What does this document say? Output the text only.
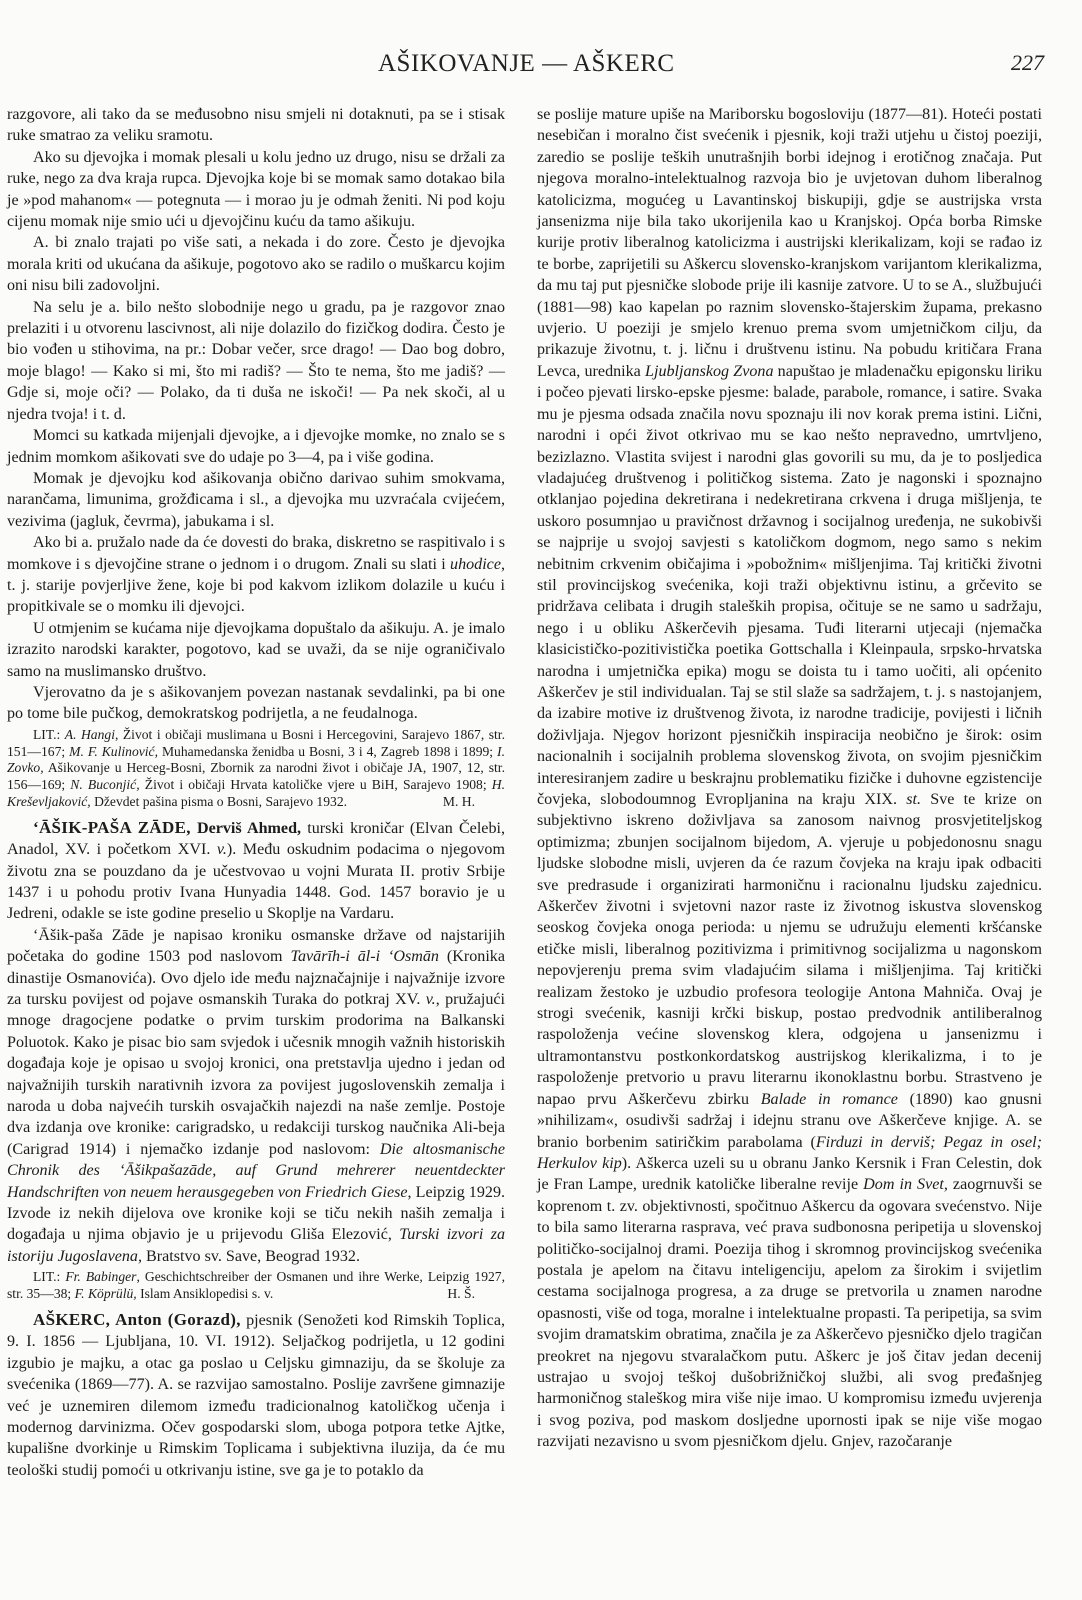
AŠIKOVANJE — AŠKERC	227

razgovore, ali tako da se međusobno nisu smjeli ni dotaknuti, pa se i stisak ruke smatrao za veliku sramotu.

Ako su djevojka i momak plesali u kolu jedno uz drugo, nisu se držali za ruke, nego za dva kraja rupca. Djevojka koje bi se momak samo dotakao bila je »pod mahanom« — potegnuta — i morao ju je odmah ženiti. Ni pod koju cijenu momak nije smio ući u djevojčinu kuću da tamo ašikuju.

A. bi znalo trajati po više sati, a nekada i do zore. Često je djevojka morala kriti od ukućana da ašikuje, pogotovo ako se radilo o muškarcu kojim oni nisu bili zadovoljni.

Na selu je a. bilo nešto slobodnije nego u gradu, pa je razgovor znao prelaziti i u otvorenu lascivnost, ali nije dolazilo do fizičkog dodira. Često je bio vođen u stihovima, na pr.: Dobar večer, srce drago! — Dao bog dobro, moje blago! — Kako si mi, što mi radiš? — Što te nema, što me jadiš? — Gdje si, moje oči? — Polako, da ti duša ne iskoči! — Pa nek skoči, al u njedra tvoja! i t. d.

Momci su katkada mijenjali djevojke, a i djevojke momke, no znalo se s jednim momkom ašikovati sve do udaje po 3—4, pa i više godina.

Momak je djevojku kod ašikovanja obično darivao suhim smokvama, narančama, limunima, grožđicama i sl., a djevojka mu uzvraćala cvijećem, vezivima (jagluk, čevrma), jabukama i sl.

Ako bi a. pružalo nade da će dovesti do braka, diskretno se raspitivalo i s momkove i s djevojčine strane o jednom i o drugom. Znali su slati i uhodice, t. j. starije povjerljive žene, koje bi pod kakvom izlikom dolazile u kuću i propitkivale se o momku ili djevojci.

U otmjenim se kućama nije djevojkama dopuštalo da ašikuju. A. je imalo izrazito narodski karakter, pogotovo, kad se uvaži, da se nije ograničivalo samo na muslimansko društvo.

Vjerovatno da je s ašikovanjem povezan nastanak sevdalinki, pa bi one po tome bile pučkog, demokratskog podrijetla, a ne feudalnoga.

LIT.: A. Hangi, Život i običaji muslimana u Bosni i Hercegovini, Sarajevo 1867, str. 151—167; M. F. Kulinović, Muhamedanska ženidba u Bosni, 3 i 4, Zagreb 1898 i 1899; I. Zovko, Ašikovanje u Herceg-Bosni, Zbornik za narodni život i običaje JA, 1907, 12, str. 156—169; N. Buconjić, Život i običaji Hrvata katoličke vjere u BiH, Sarajevo 1908; H. Kreševljaković, Dževdet pašina pisma o Bosni, Sarajevo 1932.	M. H.

ʻĀŠIK-PAŠA ZĀDE, Derviš Ahmed, turski kroničar (Elvan Čelebi, Anadol, XV. i početkom XVI. v.). Među oskudnim podacima o njegovom životu zna se pouzdano da je učestvovao u vojni Murata II. protiv Srbije 1437 i u pohodu protiv Ivana Hunyadia 1448. God. 1457 boravio je u Jedreni, odakle se iste godine preselio u Skoplje na Vardaru.

ʻĀšik-paša Zāde je napisao kroniku osmanske države od najstarijih početaka do godine 1503 pod naslovom Tavārīh-i āl-i ʻOsmān (Kronika dinastije Osmanovića). Ovo djelo ide među najznačajnije i najvažnije izvore za tursku povijest od pojave osmanskih Turaka do potkraj XV. v., pružajući mnoge dragocjene podatke o prvim turskim prodorima na Balkanski Poluotok. Kako je pisac bio sam svjedok i učesnik mnogih važnih historiskih događaja koje je opisao u svojoj kronici, ona pretstavlja ujedno i jedan od najvažnijih turskih narativnih izvora za povijest jugoslovenskih zemalja i naroda u doba najvećih turskih osvajačkih najezdi na naše zemlje. Postoje dva izdanja ove kronike: carigradsko, u redakciji turskog naučnika Ali-beja (Carigrad 1914) i njemačko izdanje pod naslovom: Die altosmanische Chronik des ʻĀšikpašazāde, auf Grund mehrerer neuentdeckter Handschriften von neuem herausgegeben von Friedrich Giese, Leipzig 1929. Izvode iz nekih dijelova ove kronike koji se tiču nekih naših zemalja i događaja u njima objavio je u prijevodu Gliša Elezović, Turski izvori za istoriju Jugoslavena, Bratstvo sv. Save, Beograd 1932.

LIT.: Fr. Babinger, Geschichtschreiber der Osmanen und ihre Werke, Leipzig 1927, str. 35—38; F. Köprülü, Islam Ansiklopedisi s. v.	H. Š.

AŠKERC, Anton (Gorazd), pjesnik (Senožeti kod Rimskih Toplica, 9. I. 1856 — Ljubljana, 10. VI. 1912). Seljačkog podrijetla, u 12 godini izgubio je majku, a otac ga poslao u Celjsku gimnaziju, da se školuje za svećenika (1869—77). A. se razvijao samostalno. Poslije završene gimnazije već je uznemiren dilemom između tradicionalnog katoličkog učenja i modernog darvinizma. Očev gospodarski slom, uboga potpora tetke Ajtke, kupališne dvorkinje u Rimskim Toplicama i subjektivna iluzija, da će mu teološki studij pomoći u otkrivanju istine, sve ga je to potaklo da

se poslije mature upiše na Mariborsku bogosloviju (1877—81). Hoteći postati nesebičan i moralno čist svećenik i pjesnik, koji traži utjehu u čistoj poeziji, zaredio se poslije teških unutrašnjih borbi idejnog i erotičnog značaja. Put njegova moralno-intelektualnog razvoja bio je uvjetovan duhom liberalnog katolicizma, mogućeg u Lavantinskoj biskupiji, gdje se austrijska vrsta jansenizma nije bila tako ukorijenila kao u Kranjskoj. Opća borba Rimske kurije protiv liberalnog katolicizma i austrijski klerikalizam, koji se rađao iz te borbe, zaprijetili su Aškercu slovensko-kranjskom varijantom klerikalizma, da mu taj put pjesničke slobode prije ili kasnije zatvore. U to se A., službujući (1881—98) kao kapelan po raznim slovensko-štajerskim župama, prekasno uvjerio. U poeziji je smjelo krenuo prema svom umjetničkom cilju, da prikazuje životnu, t. j. ličnu i društvenu istinu. Na pobudu kritičara Frana Levca, urednika Ljubljanskog Zvona napuštao je mladenačku epigonsku liriku i počeo pjevati lirsko-epske pjesme: balade, parabole, romance, i satire. Svaka mu je pjesma odsada značila novu spoznaju ili nov korak prema istini. Lični, narodni i opći život otkrivao mu se kao nešto nepravedno, umrtvljeno, bezizlazno. Vlastita svijest i narodni glas govorili su mu, da je to posljedica vladajućeg društvenog i političkog sistema. Zato je nagonski i spoznajno otklanjao pojedina dekretirana i nedekretirana crkvena i druga mišljenja, te uskoro posumnjao u pravičnost državnog i socijalnog uređenja, ne sukobivši se najprije u svojoj savjesti s katoličkom dogmom, nego samo s nekim nebitnim crkvenim običajima i »pobožnim« mišljenjima. Taj kritički životni stil provincijskog svećenika, koji traži objektivnu istinu, a grčevito se pridržava celibata i drugih staleških propisa, očituje se ne samo u sadržaju, nego i u obliku Aškerčevih pjesama. Tuđi literarni utjecaji (njemačka klasicističko-pozitivistička poetika Gottschalla i Kleinpaula, srpsko-hrvatska narodna i umjetnička epika) mogu se doista tu i tamo uočiti, ali općenito Aškerčev je stil individualan. Taj se stil slaže sa sadržajem, t. j. s nastojanjem, da izabire motive iz društvenog života, iz narodne tradicije, povijesti i ličnih doživljaja. Njegov horizont pjesničkih inspiracija neobično je širok: osim nacionalnih i socijalnih problema slovenskog života, on svojim pjesničkim interesiranjem zadire u beskrajnu problematiku fizičke i duhovne egzistencije čovjeka, slobodoumnog Evropljanina na kraju XIX. st. Sve te krize on subjektivno iskreno doživljava sa zanosom naivnog prosvjetiteljskog optimizma; zbunjen socijalnom bijedom, A. vjeruje u pobjedonosnu snagu ljudske slobodne misli, uvjeren da će razum čovjeka na kraju ipak odbaciti sve predrasude i organizirati harmoničnu i racionalnu ljudsku zajednicu. Aškerčev životni i svjetovni nazor raste iz životnog iskustva slovenskog seoskog čovjeka onoga perioda: u njemu se udružuju elementi kršćanske etičke misli, liberalnog pozitivizma i primitivnog socijalizma u nagonskom nepovjerenju prema svim vladajućim silama i mišljenjima. Taj kritički realizam žestoko je uzbudio profesora teologije Antona Mahniča. Ovaj je strogi svećenik, kasniji krčki biskup, postao predvodnik antiliberalnog raspoloženja većine slovenskog klera, odgojena u jansenizmu i ultramontanstvu postkonkordatskog austrijskog klerikalizma, i to je raspoloženje pretvorio u pravu literarnu ikonoklastnu borbu. Strastveno je napao prvu Aškerčevu zbirku Balade in romance (1890) kao gnusni »nihilizam«, osudivši sadržaj i idejnu stranu ove Aškerčeve knjige. A. se branio borbenim satiričkim parabolama (Firduzi in derviš; Pegaz in osel; Herkulov kip). Aškerca uzeli su u obranu Janko Kersnik i Fran Celestin, dok je Fran Lampe, urednik katoličke liberalne revije Dom in Svet, zaogrnuvši se koprenom t. zv. objektivnosti, spočitnuo Aškercu da ogovara svećenstvo. Nije to bila samo literarna rasprava, već prava sudbonosna peripetija u slovenskoj političko-socijalnoj drami. Poezija tihog i skromnog provincijskog svećenika postala je apelom na čitavu inteligenciju, apelom za širokim i svijetlim cestama socijalnoga progresa, a za druge se pretvorila u znamen narodne opasnosti, više od toga, moralne i intelektualne propasti. Ta peripetija, sa svim svojim dramatskim obratima, značila je za Aškerčevo pjesničko djelo tragičan preokret na njegovu stvaralačkom putu. Aškerc je još čitav jedan decenij ustrajao u svojoj teškoj dušobrižničkoj službi, ali svog pređašnjeg harmoničnog staleškog mira više nije imao. U kompromisu između uvjerenja i svog poziva, pod maskom dosljedne upornosti ipak se nije više mogao razvijati nezavisno u svom pjesničkom djelu. Gnjev, razočaranje
